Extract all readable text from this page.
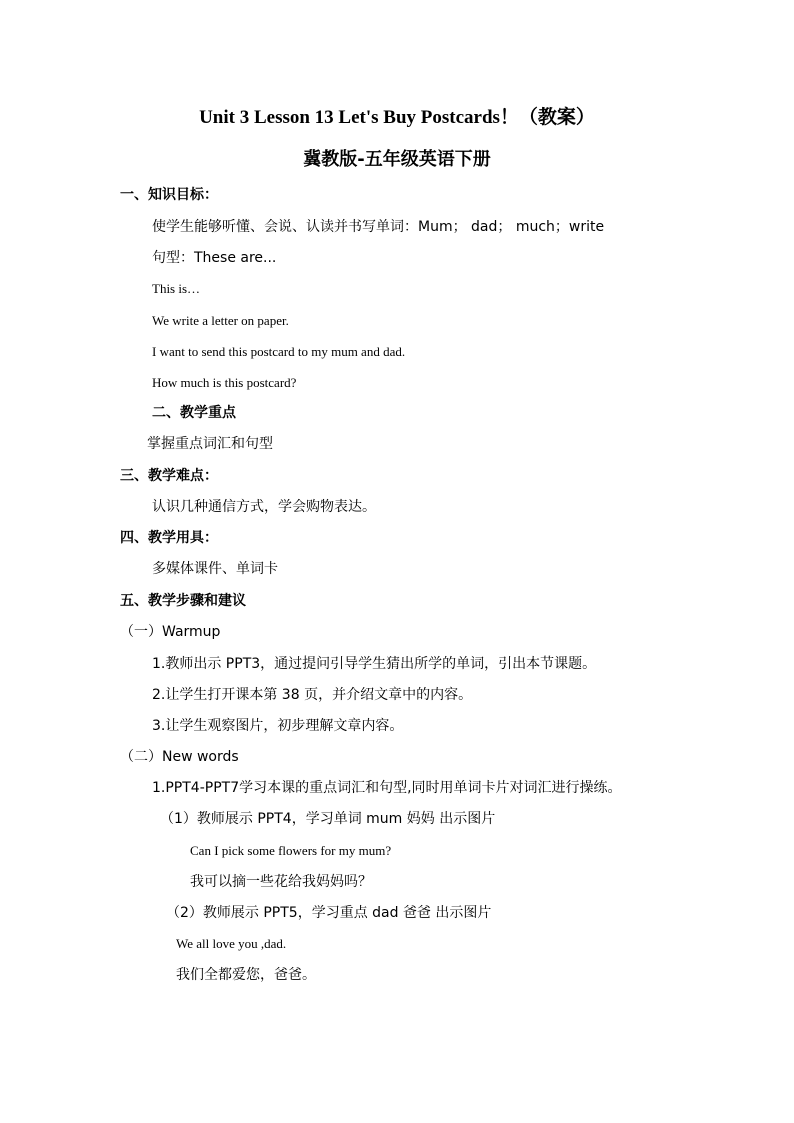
Unit 3 Lesson 13 Let's Buy Postcards！（教案）
冀教版-五年级英语下册
一、知识目标：
使学生能够听懂、会说、认读并书写单词：Mum； dad； much；write
句型：These are...
This is…
We write a letter on paper.
I want to send this postcard to my mum and dad.
How much is this postcard?
二、教学重点
掌握重点词汇和句型
三、教学难点：
认识几种通信方式，学会购物表达。
四、教学用具：
多媒体课件、单词卡
五、教学步骤和建议
（一）Warmup
1.教师出示 PPT3，通过提问引导学生猜出所学的单词，引出本节课题。
2.让学生打开课本第 38 页，并介绍文章中的内容。
3.让学生观察图片，初步理解文章内容。
（二）New words
1.PPT4-PPT7学习本课的重点词汇和句型,同时用单词卡片对词汇进行操练。
（1）教师展示 PPT4，学习单词 mum 妈妈 出示图片
Can I pick some flowers for my mum?
我可以摘一些花给我妈妈吗？
（2）教师展示 PPT5，学习重点 dad 爸爸 出示图片
We all love you ,dad.
我们全都爱您，爸爸。
